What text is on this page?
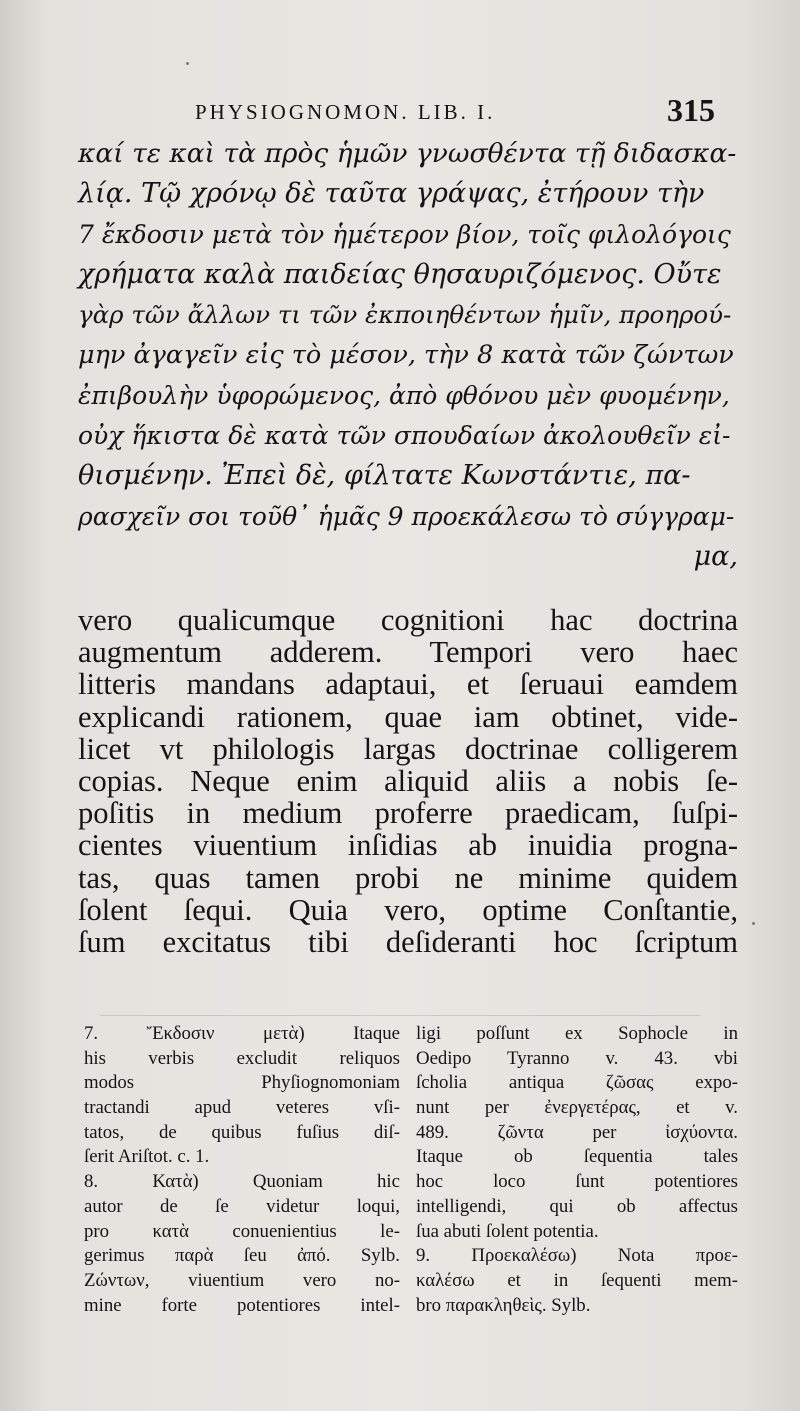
PHYSIOGNOMON. LIB. I.	315
καί τε καὶ τὰ πρὸς ἡμῶν γνωσθέντα τῇ διδασκα-
λίᾳ. Τῷ χρόνῳ δὲ ταῦτα γράψας, ἐτήρουν τὴν
7 ἔκδοσιν μετὰ τὸν ἡμέτερον βίον, τοῖς φιλολόγοις
χρήματα καλὰ παιδείας θησαυριζόμενος. Οὔτε
γὰρ τῶν ἄλλων τι τῶν ἐκποιηθέντων ἡμῖν, προηρού-
μην ἀγαγεῖν εἰς τὸ μέσον, τὴν 8 κατὰ τῶν ζώντων
ἐπιβουλὴν ὑφορώμενος, ἀπὸ φθόνου μὲν φυομένην,
οὐχ ἥκιστα δὲ κατὰ τῶν σπουδαίων ἀκολουθεῖν εἰ-
θισμένην. Ἐπεὶ δὲ, φίλτατε Κωνστάντιε, πα-
ρασχεῖν σοι τοῦθ᾽ ἡμᾶς 9 προεκάλεσω τὸ σύγγραμ-
μα,
vero qualicumque cognitioni hac doctrina
augmentum adderem. Tempori vero haec
litteris mandans adaptaui, et ſeruaui eamdem
explicandi rationem, quae iam obtinet, vide-
licet vt philologis largas doctrinae colligerem
copias. Neque enim aliquid aliis a nobis ſe-
poſitis in medium proferre praedicam, ſuſpi-
cientes viuentium inſidias ab inuidia progna-
tas, quas tamen probi ne minime quidem
ſolent ſequi. Quia vero, optime Conſtantie,
ſum excitatus tibi deſideranti hoc ſcriptum
7. Ἔκδοσιν μετὰ) Itaque
his verbis excludit reliquos
modos Phyſiognomoniam
tractandi apud veteres vſi-
tatos, de quibus fuſius diſ-
ſerit Ariſtot. c. 1.
8. Κατὰ) Quoniam hic
autor de ſe videtur loqui,
pro κατὰ conuenientius le-
gerimus παρὰ ſeu ἀπό. Sylb.
Ζώντων, viuentium vero no-
mine forte potentiores intel-
ligi poſſunt ex Sophocle in
Oedipo Tyranno v. 43. vbi
ſcholia antiqua ζῶσας expo-
nunt per ἐνεργετέρας, et v.
489. ζῶντα per ἰσχύοντα.
Itaque ob ſequentia tales
hoc loco ſunt potentiores
intelligendi, qui ob affectus
ſua abuti ſolent potentia.
9. Προεκαλέσω) Nota προε-
καλέσω et in ſequenti mem-
bro παρακληθεὶς. Sylb.
